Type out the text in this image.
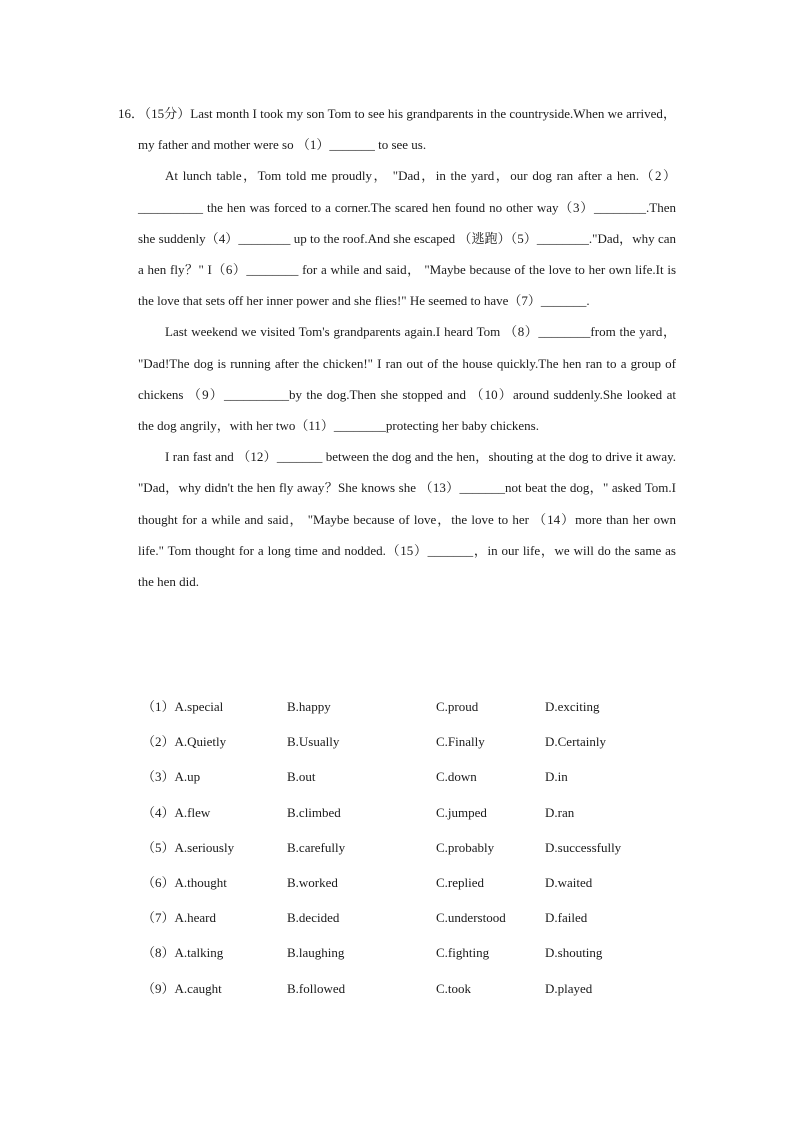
16．（15分）Last month I took my son Tom to see his grandparents in the countryside.When we arrived，my father and mother were so （1）_______ to see us.

At lunch table，Tom told me proudly， "Dad，in the yard，our dog ran after a hen.（2）__________ the hen was forced to a corner.The scared hen found no other way（3）________.Then she suddenly（4）________ up to the roof.And she escaped （逃跑）（5）________."Dad，why can a hen fly？" I（6）________ for a while and said， "Maybe because of the love to her own life.It is the love that sets off her inner power and she flies!" He seemed to have（7）_______.

Last weekend we visited Tom's grandparents again.I heard Tom （8）________from the yard， "Dad!The dog is running after the chicken!" I ran out of the house quickly.The hen ran to a group of chickens （9）__________by the dog.Then she stopped and （10）around suddenly.She looked at the dog angrily，with her two（11）________protecting her baby chickens.

I ran fast and （12）_______ between the dog and the hen，shouting at the dog to drive it away. "Dad，why didn't the hen fly away？She knows she （13）_______not beat the dog，" asked Tom.I thought for a while and said， "Maybe because of love，the love to her （14）more than her own life." Tom thought for a long time and nodded.（15）_______，in our life，we will do the same as the hen did.

（1）A.special	B.happy	C.proud	D.exciting
（2）A.Quietly	B.Usually	C.Finally	D.Certainly
（3）A.up	B.out	C.down	D.in
（4）A.flew	B.climbed	C.jumped	D.ran
（5）A.seriously	B.carefully	C.probably	D.successfully
（6）A.thought	B.worked	C.replied	D.waited
（7）A.heard	B.decided	C.understood	D.failed
（8）A.talking	B.laughing	C.fighting	D.shouting
（9）A.caught	B.followed	C.took	D.played
